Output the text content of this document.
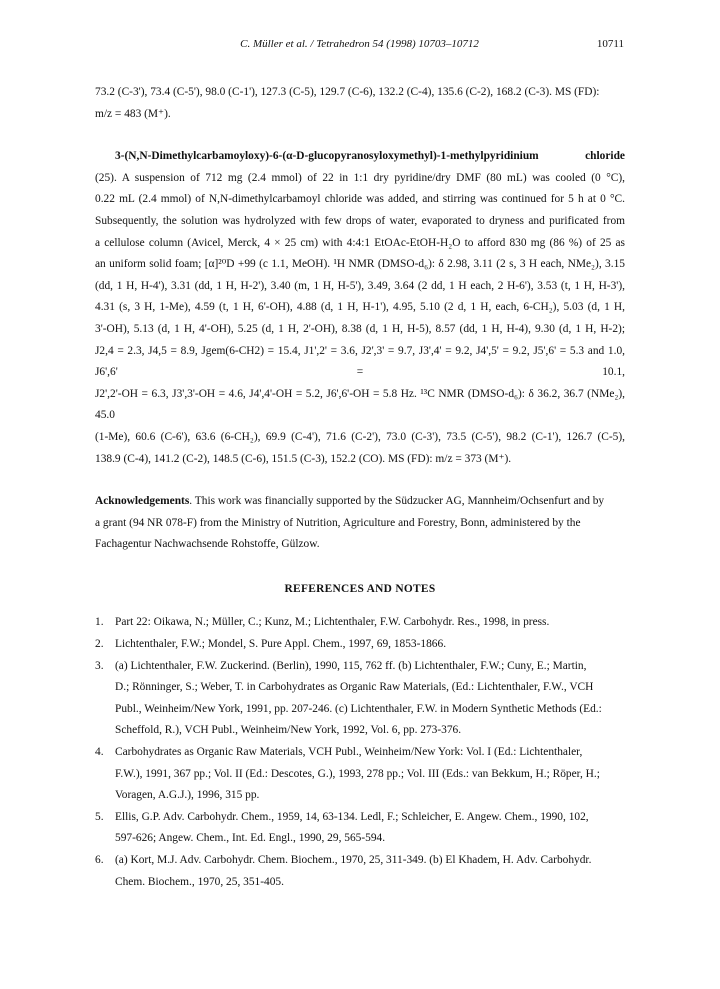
C. Müller et al. / Tetrahedron 54 (1998) 10703–10712	10711

73.2 (C-3'), 73.4 (C-5'), 98.0 (C-1'), 127.3 (C-5), 129.7 (C-6), 132.2 (C-4), 135.6 (C-2), 168.2 (C-3). MS (FD):
m/z = 483 (M⁺).

3-(N,N-Dimethylcarbamoyloxy)-6-(α-D-glucopyranosyloxymethyl)-1-methylpyridinium chloride

(25). A suspension of 712 mg (2.4 mmol) of 22 in 1:1 dry pyridine/dry DMF (80 mL) was cooled (0 °C),

0.22 mL (2.4 mmol) of N,N-dimethylcarbamoyl chloride was added, and stirring was continued for 5 h at 0 °C.

Subsequently, the solution was hydrolyzed with few drops of water, evaporated to dryness and purificated from

a cellulose column (Avicel, Merck, 4 × 25 cm) with 4:4:1 EtOAc-EtOH-H₂O to afford 830 mg (86 %) of 25 as

an uniform solid foam; [α]²⁰D +99 (c 1.1, MeOH). ¹H NMR (DMSO-d₆): δ 2.98, 3.11 (2 s, 3 H each, NMe₂), 3.15

(dd, 1 H, H-4'), 3.31 (dd, 1 H, H-2'), 3.40 (m, 1 H, H-5'), 3.49, 3.64 (2 dd, 1 H each, 2 H-6'), 3.53 (t, 1 H, H-3'),

4.31 (s, 3 H, 1-Me), 4.59 (t, 1 H, 6'-OH), 4.88 (d, 1 H, H-1'), 4.95, 5.10 (2 d, 1 H, each, 6-CH₂), 5.03 (d, 1 H,

3'-OH), 5.13 (d, 1 H, 4'-OH), 5.25 (d, 1 H, 2'-OH), 8.38 (d, 1 H, H-5), 8.57 (dd, 1 H, H-4), 9.30 (d, 1 H, H-2);

J2,4 = 2.3, J4,5 = 8.9, Jgem(6-CH2) = 15.4, J1',2' = 3.6, J2',3' = 9.7, J3',4' = 9.2, J4',5' = 9.2, J5',6' = 5.3 and 1.0, J6',6' = 10.1,

J2',2'-OH = 6.3, J3',3'-OH = 4.6, J4',4'-OH = 5.2, J6',6'-OH = 5.8 Hz. ¹³C NMR (DMSO-d₆): δ 36.2, 36.7 (NMe₂), 45.0

(1-Me), 60.6 (C-6'), 63.6 (6-CH₂), 69.9 (C-4'), 71.6 (C-2'), 73.0 (C-3'), 73.5 (C-5'), 98.2 (C-1'), 126.7 (C-5),

138.9 (C-4), 141.2 (C-2), 148.5 (C-6), 151.5 (C-3), 152.2 (CO). MS (FD): m/z = 373 (M⁺).

Acknowledgements. This work was financially supported by the Südzucker AG, Mannheim/Ochsenfurt and by
a grant (94 NR 078-F) from the Ministry of Nutrition, Agriculture and Forestry, Bonn, administered by the
Fachagentur Nachwachsende Rohstoffe, Gülzow.

REFERENCES AND NOTES
1. Part 22: Oikawa, N.; Müller, C.; Kunz, M.; Lichtenthaler, F.W. Carbohydr. Res., 1998, in press.
2. Lichtenthaler, F.W.; Mondel, S. Pure Appl. Chem., 1997, 69, 1853-1866.
3. (a) Lichtenthaler, F.W. Zuckerind. (Berlin), 1990, 115, 762 ff. (b) Lichtenthaler, F.W.; Cuny, E.; Martin,
D.; Rönninger, S.; Weber, T. in Carbohydrates as Organic Raw Materials, (Ed.: Lichtenthaler, F.W., VCH
Publ., Weinheim/New York, 1991, pp. 207-246. (c) Lichtenthaler, F.W. in Modern Synthetic Methods (Ed.:
Scheffold, R.), VCH Publ., Weinheim/New York, 1992, Vol. 6, pp. 273-376.
4. Carbohydrates as Organic Raw Materials, VCH Publ., Weinheim/New York: Vol. I (Ed.: Lichtenthaler,
F.W.), 1991, 367 pp.; Vol. II (Ed.: Descotes, G.), 1993, 278 pp.; Vol. III (Eds.: van Bekkum, H.; Röper, H.;
Voragen, A.G.J.), 1996, 315 pp.
5. Ellis, G.P. Adv. Carbohydr. Chem., 1959, 14, 63-134. Ledl, F.; Schleicher, E. Angew. Chem., 1990, 102,
597-626; Angew. Chem., Int. Ed. Engl., 1990, 29, 565-594.
6. (a) Kort, M.J. Adv. Carbohydr. Chem. Biochem., 1970, 25, 311-349. (b) El Khadem, H. Adv. Carbohydr.
Chem. Biochem., 1970, 25, 351-405.
